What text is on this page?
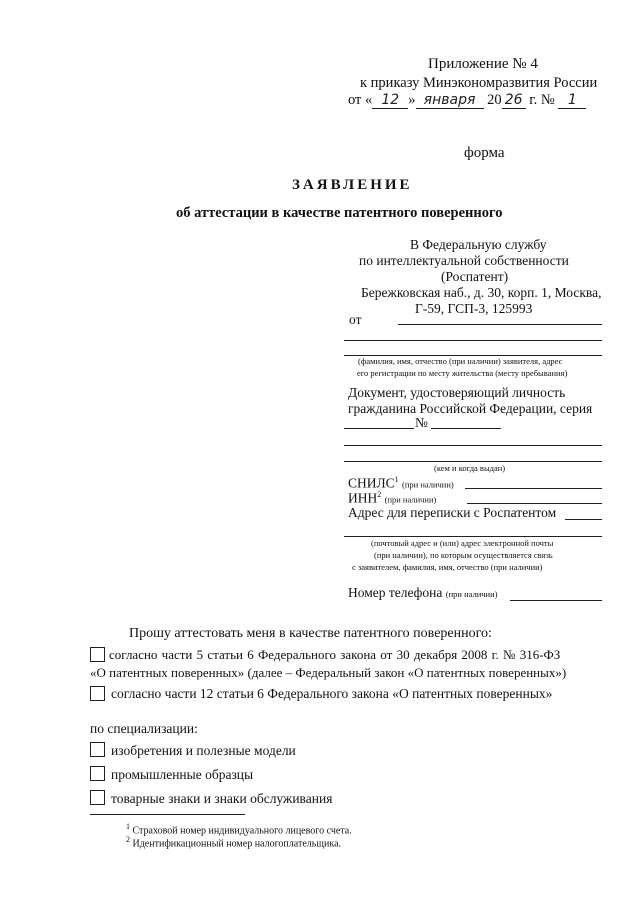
Приложение № 4
к приказу Минэкономразвития России
от « 12 » января 20 26 г. № 1
форма
ЗАЯВЛЕНИЕ
об аттестации в качестве патентного поверенного
В Федеральную службу
по интеллектуальной собственности
(Роспатент)
Бережковская наб., д. 30, корп. 1, Москва,
Г-59, ГСП-3, 125993
от
(фамилия, имя, отчество (при наличии) заявителя, адрес
его регистрации по месту жительства (месту пребывания)
Документ, удостоверяющий личность
гражданина Российской Федерации, серия
№
(кем и когда выдан)
СНИЛС$^1$ (при наличии)
ИНН$^2$ (при наличии)
Адрес для переписки с Роспатентом
(почтовый адрес и (или) адрес электронной почты
(при наличии), по которым осуществляется связь
с заявителем, фамилия, имя, отчество (при наличии)
Номер телефона (при наличии)
Прошу аттестовать меня в качестве патентного поверенного:
согласно части 5 статьи 6 Федерального закона от 30 декабря 2008 г. № 316-ФЗ
«О патентных поверенных» (далее – Федеральный закон «О патентных поверенных»)
согласно части 12 статьи 6 Федерального закона «О патентных поверенных»
по специализации:
изобретения и полезные модели
промышленные образцы
товарные знаки и знаки обслуживания
$^1$ Страховой номер индивидуального лицевого счета.
$^2$ Идентификационный номер налогоплательщика.
